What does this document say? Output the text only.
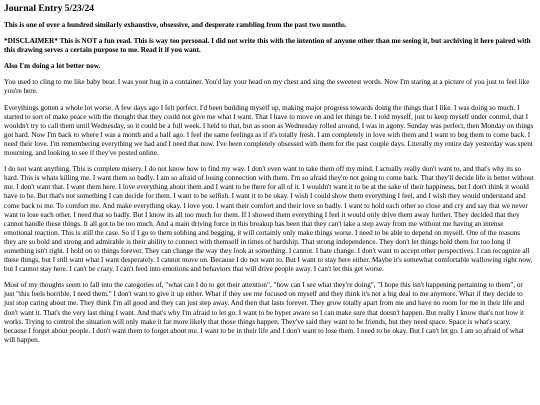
Journal Entry 5/23/24
This is one of over a hundred similarly exhaustive, obsessive, and desperate rambling from the past two months.
*DISCLAIMER* This is NOT a fun read. This is way too personal. I did not write this with the intention of anyone other than me seeing it, but archiving it here paired with this drawing serves a certain purpose to me. Read it if you want.
Also I'm doing a lot better now.
You used to cling to me like baby bear. I was your bug in a container. You'd lay your head on my chest and sing the sweetest words. Now I'm staring at a picture of you just to feel like you're here.
Everythings gotten a whole lot worse. A few days ago I felt perfect. I'd been building myself up, making major progress towards doing the things that I like. I was doing so much. I started to sort of make peace with the thought that they could not give me what I want. That I have to move on and let things be. I told myself, just to keep myself under control, that I wouldn't try to call them until Wednesday, so it could be a full week. I held to that, but as soon as Wednesday rolled around, I was in agony. Sunday was perfect, then Monday on things got hard. Now I'm back to where I was a month and a half ago. I feel the same feelings as if it's totally fresh. I am completely in love with them and I want to beg them to come back. I need their love. I'm remembering everything we had and I need that now. I've been completely obsessed with them for the past couple days. Literally my entire day yesterday was spent mourning, and looking to see if they've posted online.
I do not want anything. This is complete misery. I do not know how to find my way. I don't even want to take them off my mind. I actually really don't want to, and that's why its so hard. This is whats killing me. I want them so badly. I am so afraid of losing connection with them. I'm so afraid they're not going to come back. That they'll decide life is better without me. I don't want that. I want them here. I love everything about them and I want to be there for all of it. I wouldn't want it to be at the sake of their happiness, but I don't think it would have to be. But that's not something I can decide for them. I want to be selfish. I want it to be okay. I wish I could show them everything I feel, and I wish they would understand and come back to me. To comfort me. And make everything okay. I love you. I want their comfort and their love so badly. I want to hold each other so close and cry and say that we never want to lose each other. I need that so badly. But I know its all too much for them. If I showed them everything I feel it would only drive them away further. They decided that they cannot handle these things. It all got to be too much. And a main driving force in this breakup has been that they can't take a step away from me without me having an intense emotional reaction. This is still the case. So if I go to them sobbing and begging, it will certainly only make things worse. I need to be able to depend on myself. One of the reasons they are so bold and strong and admirable is their ability to connect with themself in times of hardship. That strong independence. They don't let things hold them for too long if something isn't right. I hold on to things forever. They can change the way they look at something. I cannot. I hate change. I don't want to accept other perspectives. I can recognize all these things, but I still want what I want desperately. I cannot move on. Because I do not want to. But I want to stay here either. Maybe it's somewhat comfortable wallowing right now, but I cannot stay here. I can't be crazy. I can't feed into emotions and behaviors that will drive people away. I can't let this get worse.
Most of my thoughts seem to fall into the categories of, "what can I do to get their attention", "how can I see what they're doing", "I hope this isn't happening pertaining to them", or just "this feels horrible, I need them." I don't want to give it up either. What if they see me focused on myself and they think it's not a big deal to me anymore. What if they decide to just stop caring about me. They think I'm all good and they can just step away. And then that lasts forever. They grow totally apart from me and have no room for me in their life and don't want it. That's the very last thing I want. And that's why I'm afraid to let go. I want to be hyper aware so I can make sure that doesn't happen. But really I know that's not how it works. Trying to control the situation will only make it far more likely that those things happen. They've said they want to be friends, but they need space. Space is what's scary, because I forget about people. I don't want them to forget about me. I want to be in their life and I don't want to lose them. I need to be okay. But I can't let go. I am so afraid of what will happen.
